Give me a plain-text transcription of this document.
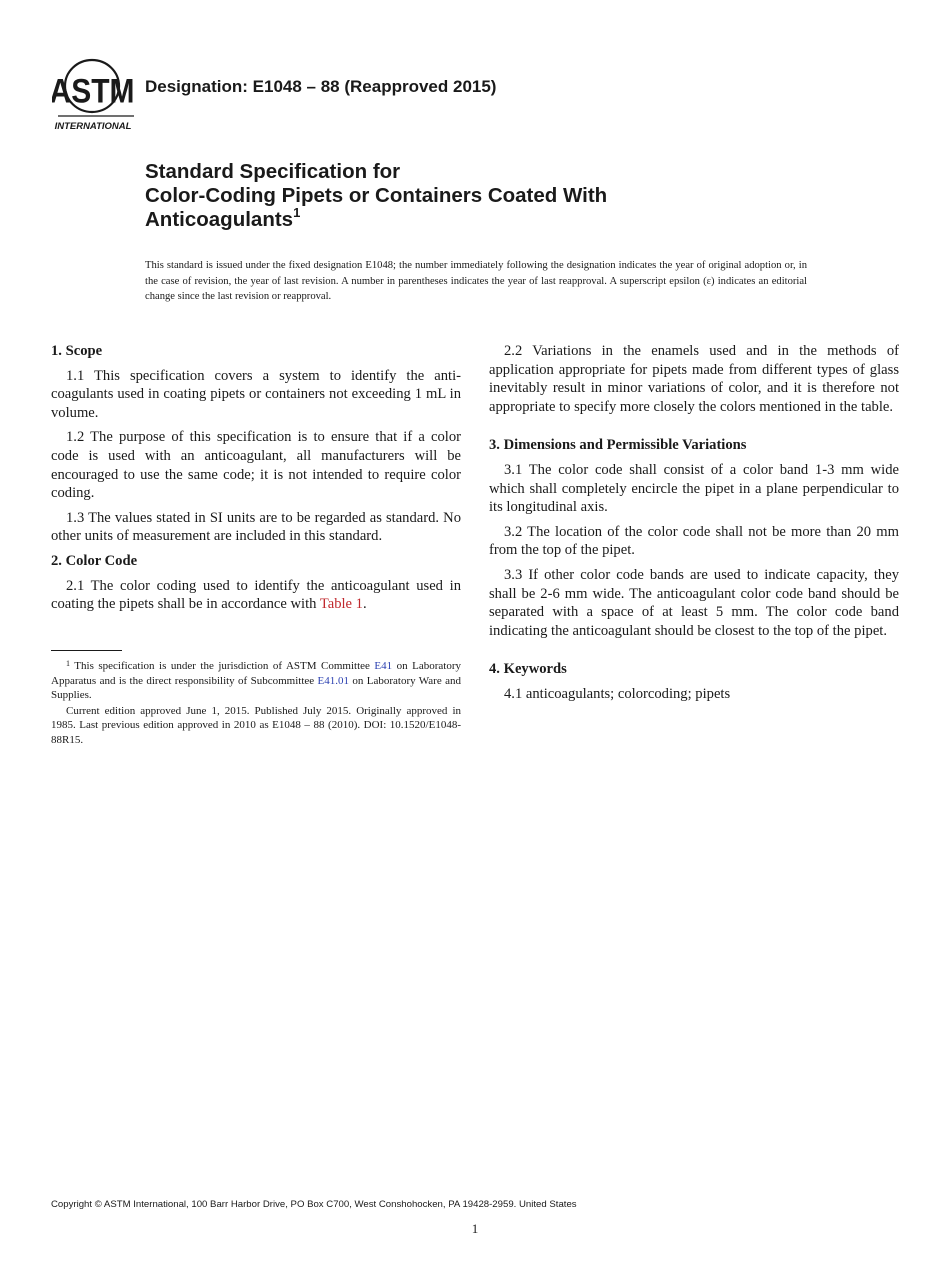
ASTM
INTERNATIONAL
Designation: E1048 – 88 (Reapproved 2015)
Standard Specification for
Color-Coding Pipets or Containers Coated With
Anticoagulants$^1$
This standard is issued under the fixed designation E1048; the number immediately following the designation indicates the year of original adoption or, in the case of revision, the year of last revision. A number in parentheses indicates the year of last reapproval. A superscript epsilon (ε) indicates an editorial change since the last revision or reapproval.
1. Scope

1.1 This specification covers a system to identify the anti-coagulants used in coating pipets or containers not exceeding 1 mL in volume.

1.2 The purpose of this specification is to ensure that if a color code is used with an anticoagulant, all manufacturers will be encouraged to use the same code; it is not intended to require color coding.

1.3 The values stated in SI units are to be regarded as standard. No other units of measurement are included in this standard.

2. Color Code

2.1 The color coding used to identify the anticoagulant used in coating the pipets shall be in accordance with Table 1.

$^1$ This specification is under the jurisdiction of ASTM Committee E41 on Laboratory Apparatus and is the direct responsibility of Subcommittee E41.01 on Laboratory Ware and Supplies.

Current edition approved June 1, 2015. Published July 2015. Originally approved in 1985. Last previous edition approved in 2010 as E1048 – 88 (2010). DOI: 10.1520/E1048-88R15.

2.2 Variations in the enamels used and in the methods of application appropriate for pipets made from different types of glass inevitably result in minor variations of color, and it is therefore not appropriate to specify more closely the colors mentioned in the table.

3. Dimensions and Permissible Variations

3.1 The color code shall consist of a color band 1-3 mm wide which shall completely encircle the pipet in a plane perpendicular to its longitudinal axis.

3.2 The location of the color code shall not be more than 20 mm from the top of the pipet.

3.3 If other color code bands are used to indicate capacity, they shall be 2-6 mm wide. The anticoagulant color code band should be separated with a space of at least 5 mm. The color code band indicating the anticoagulant should be closest to the top of the pipet.

4. Keywords

4.1 anticoagulants; colorcoding; pipets

Copyright © ASTM International, 100 Barr Harbor Drive, PO Box C700, West Conshohocken, PA 19428-2959. United States
1
